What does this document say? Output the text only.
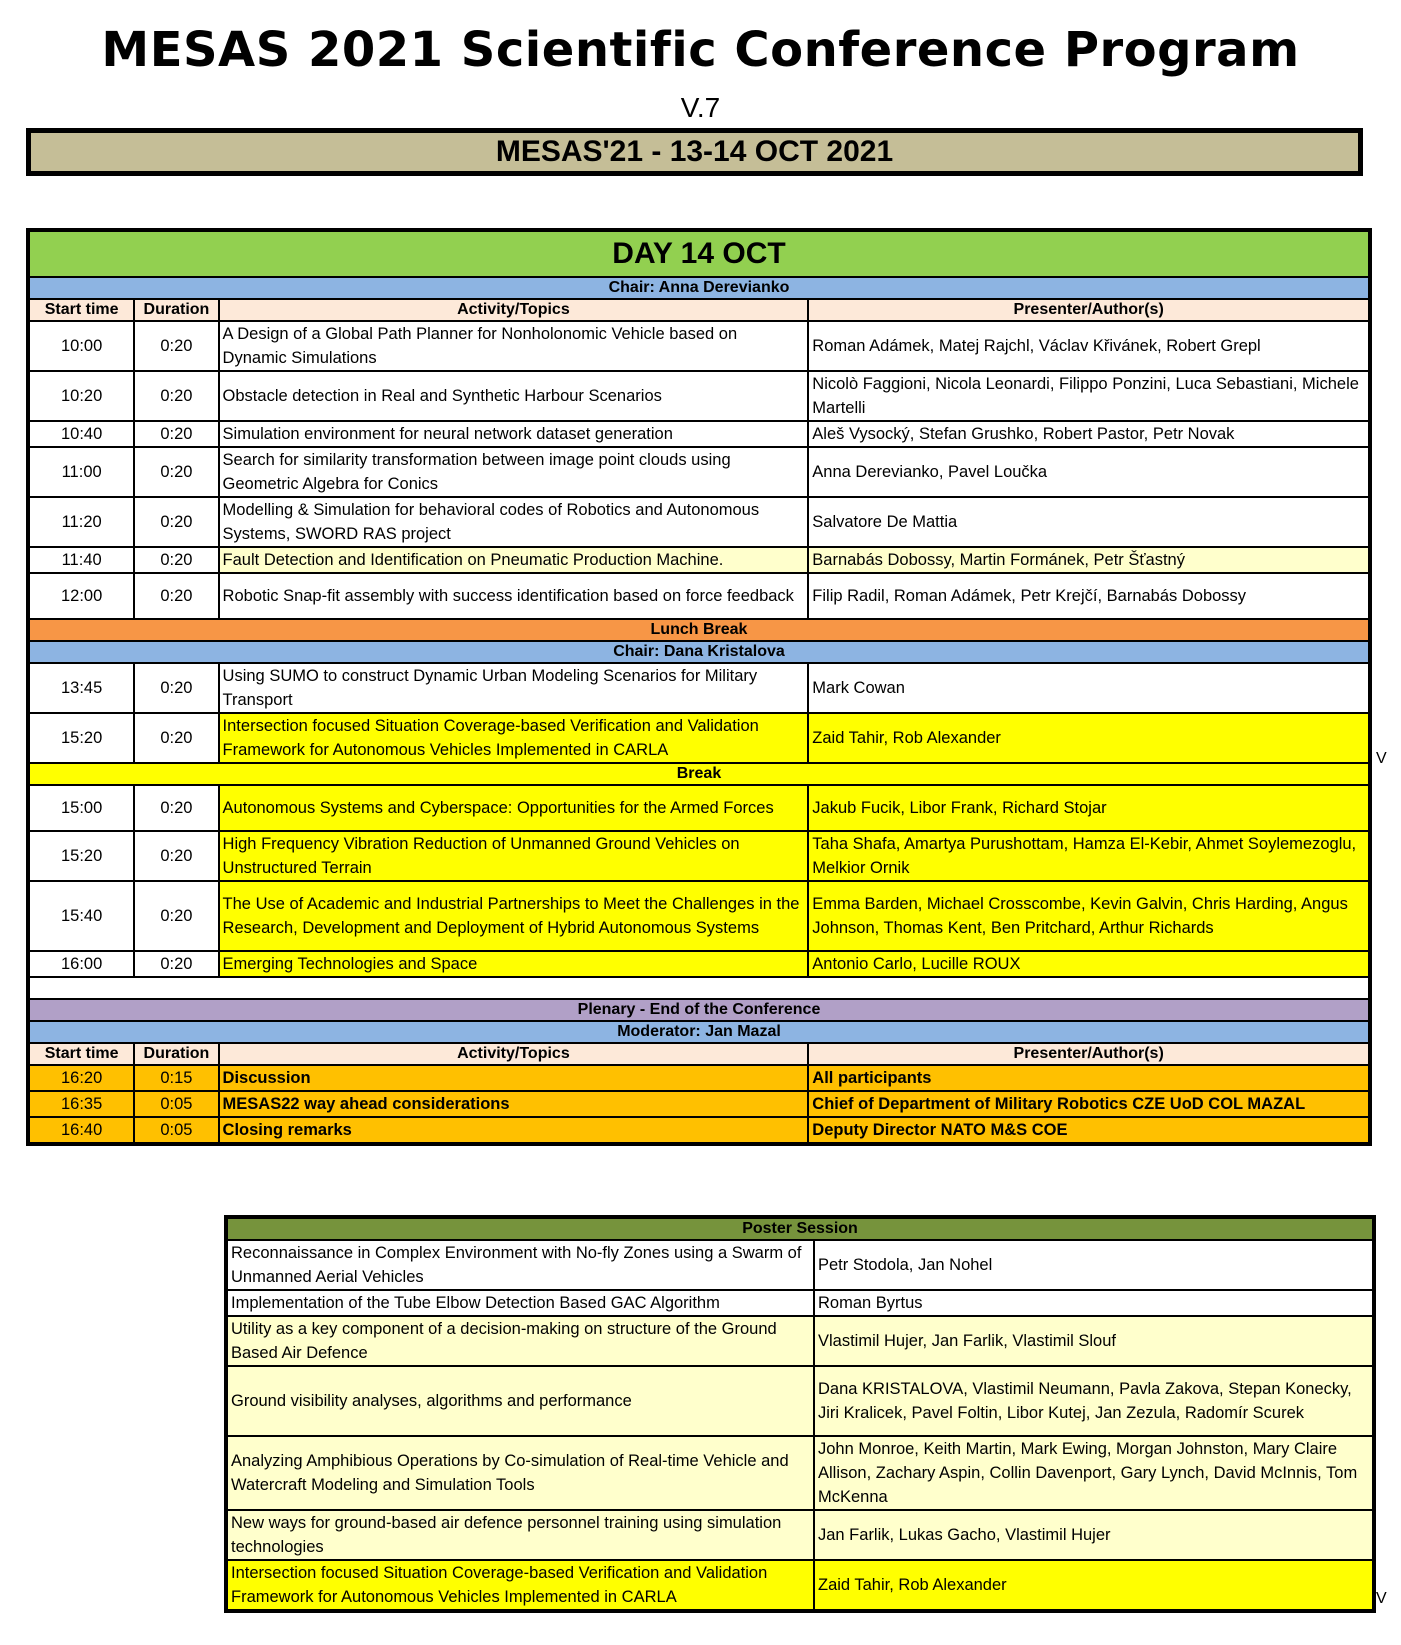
MESAS 2021 Scientific Conference Program
V.7
MESAS'21 - 13-14 OCT 2021
DAY 14 OCT			
Chair: Anna Derevianko			
Start time	Duration	Activity/Topics	Presenter/Author(s)
10:00	0:20	A Design of a Global Path Planner for Nonholonomic Vehicle based on Dynamic Simulations	Roman Adámek, Matej Rajchl, Václav Křivánek, Robert Grepl
10:20	0:20	Obstacle detection in Real and Synthetic Harbour Scenarios	Nicolò Faggioni, Nicola Leonardi, Filippo Ponzini, Luca Sebastiani, Michele Martelli
10:40	0:20	Simulation environment for neural network dataset generation	Aleš Vysocký, Stefan Grushko, Robert Pastor, Petr Novak
11:00	0:20	Search for similarity transformation between image point clouds using Geometric Algebra for Conics	Anna Derevianko, Pavel Loučka
11:20	0:20	Modelling & Simulation for behavioral codes of Robotics and Autonomous Systems, SWORD RAS project	Salvatore De Mattia
11:40	0:20	Fault Detection and Identification on Pneumatic Production Machine.	Barnabás Dobossy, Martin Formánek, Petr Šťastný
12:00	0:20	Robotic Snap-fit assembly with success identification based on force feedback	Filip Radil, Roman Adámek, Petr Krejčí, Barnabás Dobossy
Lunch Break			
Chair: Dana Kristalova			
13:45	0:20	Using SUMO to construct Dynamic Urban Modeling Scenarios for Military Transport	Mark Cowan
15:20	0:20	Intersection focused Situation Coverage-based Verification and Validation Framework for Autonomous Vehicles Implemented in CARLA	Zaid Tahir, Rob Alexander
Break			
15:00	0:20	Autonomous Systems and Cyberspace: Opportunities for the Armed Forces	Jakub Fucik, Libor Frank, Richard Stojar
15:20	0:20	High Frequency Vibration Reduction of Unmanned Ground Vehicles on Unstructured Terrain	Taha Shafa, Amartya Purushottam, Hamza El-Kebir, Ahmet Soylemezoglu, Melkior Ornik
15:40	0:20	The Use of Academic and Industrial Partnerships to Meet the Challenges in the Research, Development and Deployment of Hybrid Autonomous Systems	Emma Barden, Michael Crosscombe, Kevin Galvin, Chris Harding, Angus Johnson, Thomas Kent, Ben Pritchard, Arthur Richards
16:00	0:20	Emerging Technologies and Space	Antonio Carlo, Lucille ROUX

Plenary - End of the Conference			
Moderator: Jan Mazal			
Start time	Duration	Activity/Topics	Presenter/Author(s)
16:20	0:15	Discussion	All participants
16:35	0:05	MESAS22 way ahead considerations	Chief of Department of Military Robotics CZE UoD COL MAZAL
16:40	0:05	Closing remarks	Deputy Director NATO M&S COE
Poster Session	
Reconnaissance in Complex Environment with No-fly Zones using a Swarm of Unmanned Aerial Vehicles	Petr Stodola, Jan Nohel
Implementation of the Tube Elbow Detection Based GAC Algorithm	Roman Byrtus
Utility as a key component of a decision-making on structure of the Ground Based Air Defence	Vlastimil Hujer, Jan Farlik, Vlastimil Slouf
Ground visibility analyses, algorithms and performance	Dana KRISTALOVA, Vlastimil Neumann, Pavla Zakova, Stepan Konecky, Jiri Kralicek, Pavel Foltin, Libor Kutej, Jan Zezula, Radomír Scurek
Analyzing Amphibious Operations by Co-simulation of Real-time Vehicle and Watercraft Modeling and Simulation Tools	John Monroe, Keith Martin, Mark Ewing, Morgan Johnston, Mary Claire Allison, Zachary Aspin, Collin Davenport, Gary Lynch, David McInnis, Tom McKenna
New ways for ground-based air defence personnel training using simulation technologies	Jan Farlik, Lukas Gacho, Vlastimil Hujer
Intersection focused Situation Coverage-based Verification and Validation Framework for Autonomous Vehicles Implemented in CARLA	Zaid Tahir, Rob Alexander
V
V
